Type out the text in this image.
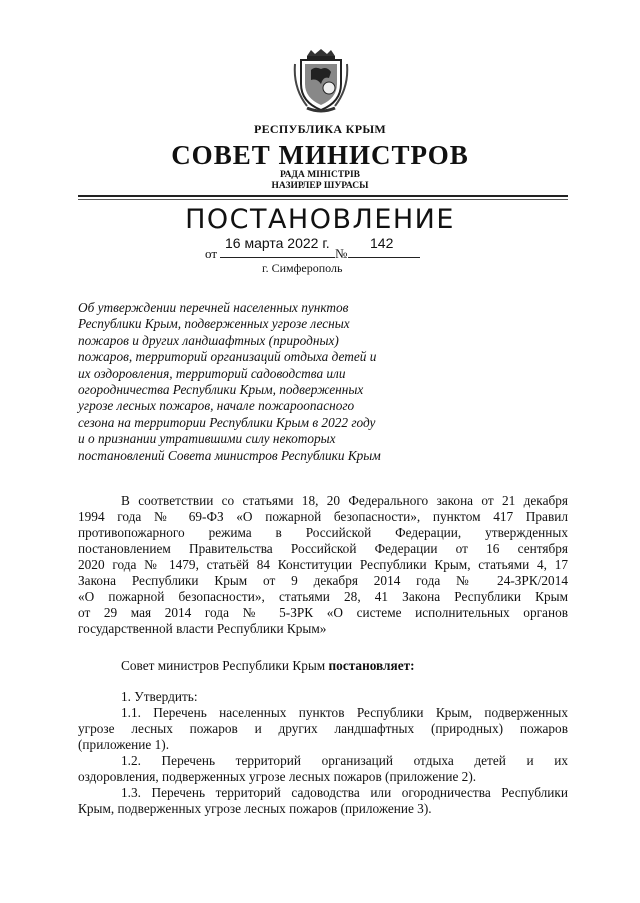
РЕСПУБЛИКА КРЫМ
СОВЕТ МИНИСТРОВ
РАДА МІНІСТРІВ
НАЗИРЛЕР ШУРАСЫ
ПОСТАНОВЛЕНИЕ
от	№
16 марта 2022 г.	142
г. Симферополь
Об утверждении перечней населенных пунктов
Республики Крым, подверженных угрозе лесных
пожаров и других ландшафтных (природных)
пожаров, территорий организаций отдыха детей и
их оздоровления, территорий садоводства или
огородничества Республики Крым, подверженных
угрозе лесных пожаров, начале пожароопасного
сезона на территории Республики Крым в 2022 году
и о признании утратившими силу некоторых
постановлений Совета министров Республики Крым
В соответствии со статьями 18, 20 Федерального закона от 21 декабря
1994 года № 69-ФЗ «О пожарной безопасности», пунктом 417 Правил
противопожарного режима в Российской Федерации, утвержденных
постановлением Правительства Российской Федерации от 16 сентября
2020 года № 1479, статьёй 84 Конституции Республики Крым, статьями 4, 17
Закона Республики Крым от 9 декабря 2014 года № 24-ЗРК/2014
«О пожарной безопасности», статьями 28, 41 Закона Республики Крым
от 29 мая 2014 года № 5-ЗРК «О системе исполнительных органов
государственной власти Республики Крым»
Совет министров Республики Крым постановляет:
1. Утвердить:
1.1. Перечень населенных пунктов Республики Крым, подверженных
угрозе лесных пожаров и других ландшафтных (природных) пожаров
(приложение 1).
1.2. Перечень территорий организаций отдыха детей и их
оздоровления, подверженных угрозе лесных пожаров (приложение 2).
1.3. Перечень территорий садоводства или огородничества Республики
Крым, подверженных угрозе лесных пожаров (приложение 3).
